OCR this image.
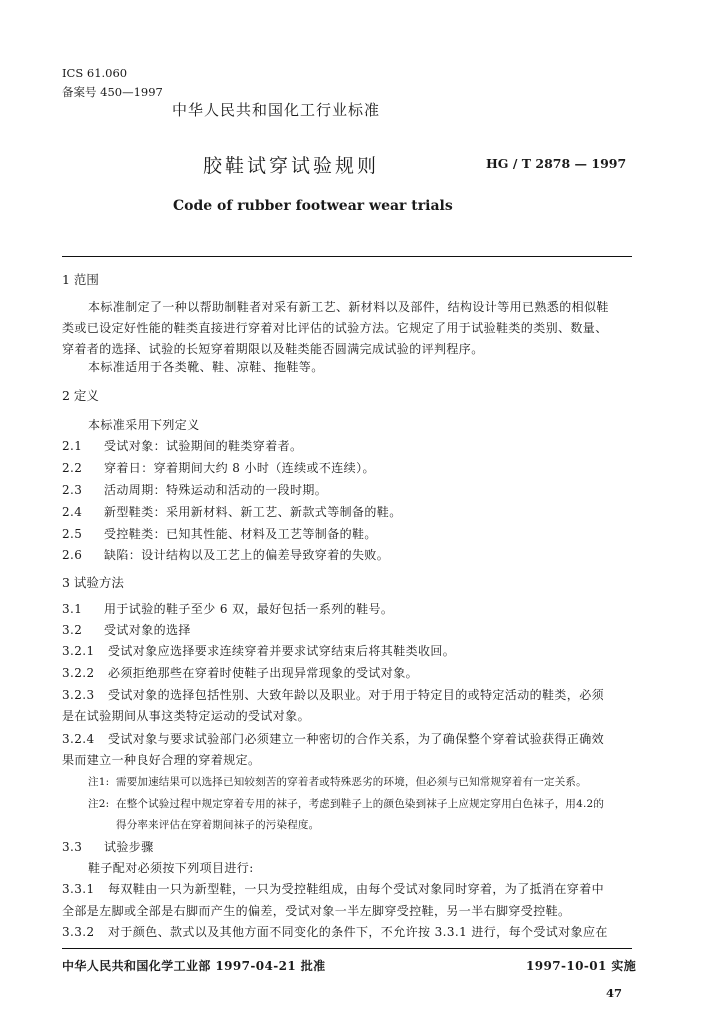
ICS 61.060
备案号 450—1997
中华人民共和国化工行业标准
胶鞋试穿试验规则	HG / T 2878 — 1997
Code of rubber footwear wear trials
1 范围
本标准制定了一种以帮助制鞋者对采有新工艺、新材料以及部件，结构设计等用已熟悉的相似鞋
类或已设定好性能的鞋类直接进行穿着对比评估的试验方法。它规定了用于试验鞋类的类别、数量、
穿着者的选择、试验的长短穿着期限以及鞋类能否圆满完成试验的评判程序。
本标准适用于各类靴、鞋、凉鞋、拖鞋等。
2 定义
本标准采用下列定义
2.1 受试对象：试验期间的鞋类穿着者。
2.2 穿着日：穿着期间大约 8 小时（连续或不连续）。
2.3 活动周期：特殊运动和活动的一段时期。
2.4 新型鞋类：采用新材料、新工艺、新款式等制备的鞋。
2.5 受控鞋类：已知其性能、材料及工艺等制备的鞋。
2.6 缺陷：设计结构以及工艺上的偏差导致穿着的失败。
3 试验方法
3.1 用于试验的鞋子至少 6 双，最好包括一系列的鞋号。
3.2 受试对象的选择
3.2.1 受试对象应选择要求连续穿着并要求试穿结束后将其鞋类收回。
3.2.2 必须拒绝那些在穿着时使鞋子出现异常现象的受试对象。
3.2.3 受试对象的选择包括性别、大致年龄以及职业。对于用于特定目的或特定活动的鞋类，必须
是在试验期间从事这类特定运动的受试对象。
3.2.4 受试对象与要求试验部门必须建立一种密切的合作关系，为了确保整个穿着试验获得正确效
果而建立一种良好合理的穿着规定。
注1: 需要加速结果可以选择已知较刻苦的穿着者或特殊恶劣的环境，但必须与已知常规穿着有一定关系。
注2: 在整个试验过程中规定穿着专用的袜子，考虑到鞋子上的颜色染到袜子上应规定穿用白色袜子，用4.2的
得分率来评估在穿着期间袜子的污染程度。
3.3 试验步骤
鞋子配对必须按下列项目进行:
3.3.1 每双鞋由一只为新型鞋，一只为受控鞋组成，由每个受试对象同时穿着，为了抵消在穿着中
全部是左脚或全部是右脚而产生的偏差，受试对象一半左脚穿受控鞋，另一半右脚穿受控鞋。
3.3.2 对于颜色、款式以及其他方面不同变化的条件下，不允许按 3.3.1 进行，每个受试对象应在
中华人民共和国化学工业部 1997-04-21 批准	1997-10-01 实施
47
